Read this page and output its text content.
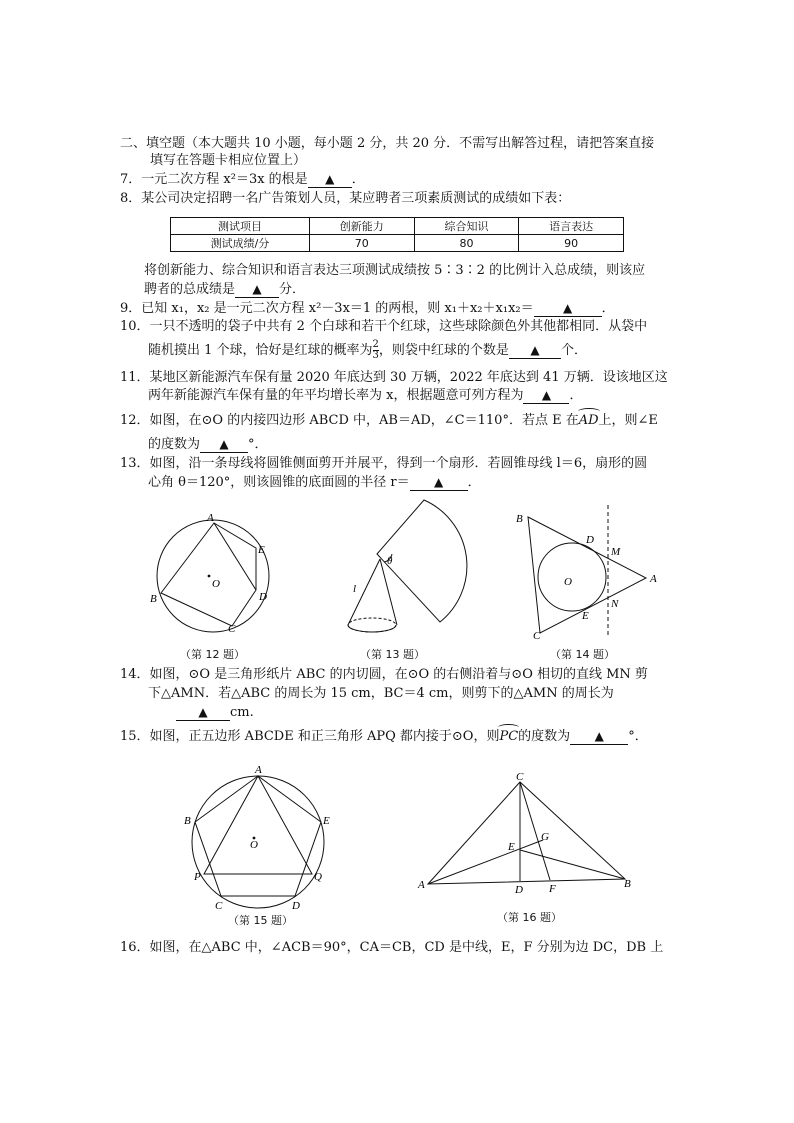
二、填空题（本大题共 10 小题，每小题 2 分，共 20 分．不需写出解答过程，请把答案直接
填写在答题卡相应位置上）
7．一元二次方程 x²＝3x 的根是 ▲ ．
8．某公司决定招聘一名广告策划人员，某应聘者三项素质测试的成绩如下表：
测试项目	创新能力	综合知识	语言表达
测试成绩/分	70	80	90
将创新能力、综合知识和语言表达三项测试成绩按 5∶3∶2 的比例计入总成绩，则该应
聘者的总成绩是 ▲ 分．
9．已知 x₁，x₂ 是一元二次方程 x²－3x＝1 的两根，则 x₁＋x₂＋x₁x₂＝ ▲ ．
10．一只不透明的袋子中共有 2 个白球和若干个红球，这些球除颜色外其他都相同．从袋中
随机摸出 1 个球，恰好是红球的概率为 $\frac{2}{3}$ ，则袋中红球的个数是 ▲ 个．
11．某地区新能源汽车保有量 2020 年底达到 30 万辆，2022 年底达到 41 万辆．设该地区这
两年新能源汽车保有量的年平均增长率为 x，根据题意可列方程为 ▲ ．
12．如图，在⊙O 的内接四边形 ABCD 中，AB＝AD，∠C＝110°．若点 E 在AD上，则∠E
的度数为 ▲ °．
13．如图，沿一条母线将圆锥侧面剪开并展平，得到一个扇形．若圆锥母线 l＝6，扇形的圆
心角 θ＝120°，则该圆锥的底面圆的半径 r＝ ▲ ．
A
B
C
D
E
O
（第 12 题）
θ
l
（第 13 题）
B
A
C
D
E
M
N
O
（第 14 题）
14．如图，⊙O 是三角形纸片 ABC 的内切圆，在⊙O 的右侧沿着与⊙O 相切的直线 MN 剪
下△AMN．若△ABC 的周长为 15 cm，BC＝4 cm，则剪下的△AMN 的周长为
▲ cm.
15．如图，正五边形 ABCDE 和正三角形 APQ 都内接于⊙O，则PC的度数为 ▲ °．
A
B
C	D
E
P	Q
O
（第 15 题）
C
A	B
D
E
F
G
（第 16 题）
16．如图，在△ABC 中，∠ACB＝90°，CA＝CB，CD 是中线，E，F 分别为边 DC，DB 上
